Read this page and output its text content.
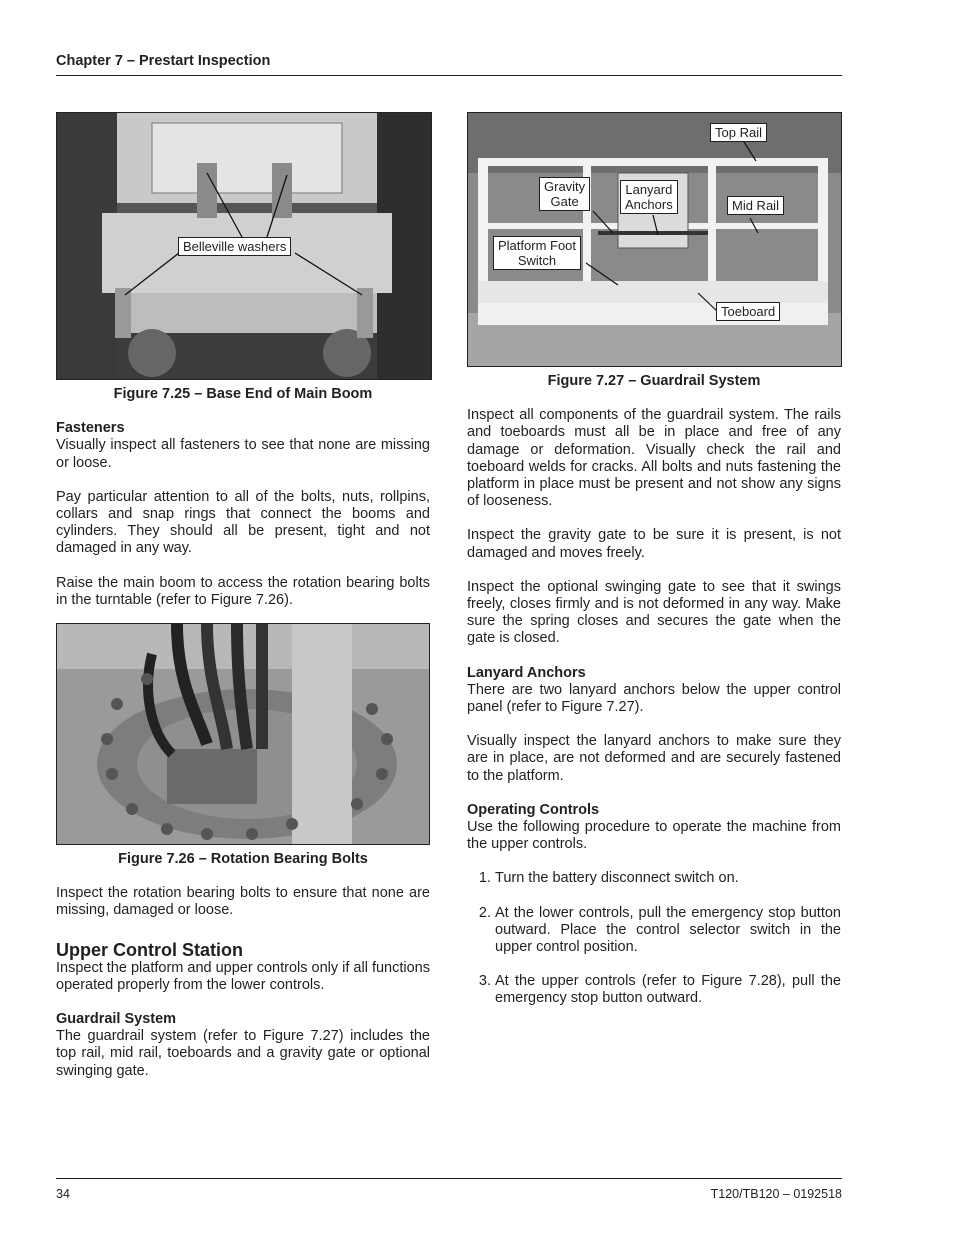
Chapter 7 – Prestart Inspection
Belleville washers
Figure 7.25 – Base End of Main Boom
Fasteners

Visually inspect all fasteners to see that none are missing or loose.

Pay particular attention to all of the bolts, nuts, rollpins, collars and snap rings that connect the booms and cylinders. They should all be present, tight and not damaged in any way.

Raise the main boom to access the rotation bearing bolts in the turntable (refer to Figure 7.26).

Figure 7.26 – Rotation Bearing Bolts

Inspect the rotation bearing bolts to ensure that none are missing, damaged or loose.

Upper Control Station

Inspect the platform and upper controls only if all functions operated properly from the lower controls.

Guardrail System

The guardrail system (refer to Figure 7.27) includes the top rail, mid rail, toeboards and a gravity gate or optional swinging gate.

Top Rail
Gravity
Gate
Lanyard
Anchors	Mid Rail
Platform Foot
Switch
Toeboard
Figure 7.27 – Guardrail System

Inspect all components of the guardrail system. The rails and toeboards must all be in place and free of any damage or deformation. Visually check the rail and toeboard welds for cracks. All bolts and nuts fastening the platform in place must be present and not show any signs of looseness.

Inspect the gravity gate to be sure it is present, is not damaged and moves freely.

Inspect the optional swinging gate to see that it swings freely, closes firmly and is not deformed in any way. Make sure the spring closes and secures the gate when the gate is closed.

Lanyard Anchors

There are two lanyard anchors below the upper control panel (refer to Figure 7.27).

Visually inspect the lanyard anchors to make sure they are in place, are not deformed and are securely fastened to the platform.

Operating Controls

Use the following procedure to operate the machine from the upper controls.

1. Turn the battery disconnect switch on.
2. At the lower controls, pull the emergency stop button outward. Place the control selector switch in the upper control position.
3. At the upper controls (refer to Figure 7.28), pull the emergency stop button outward.
34	T120/TB120 – 0192518
